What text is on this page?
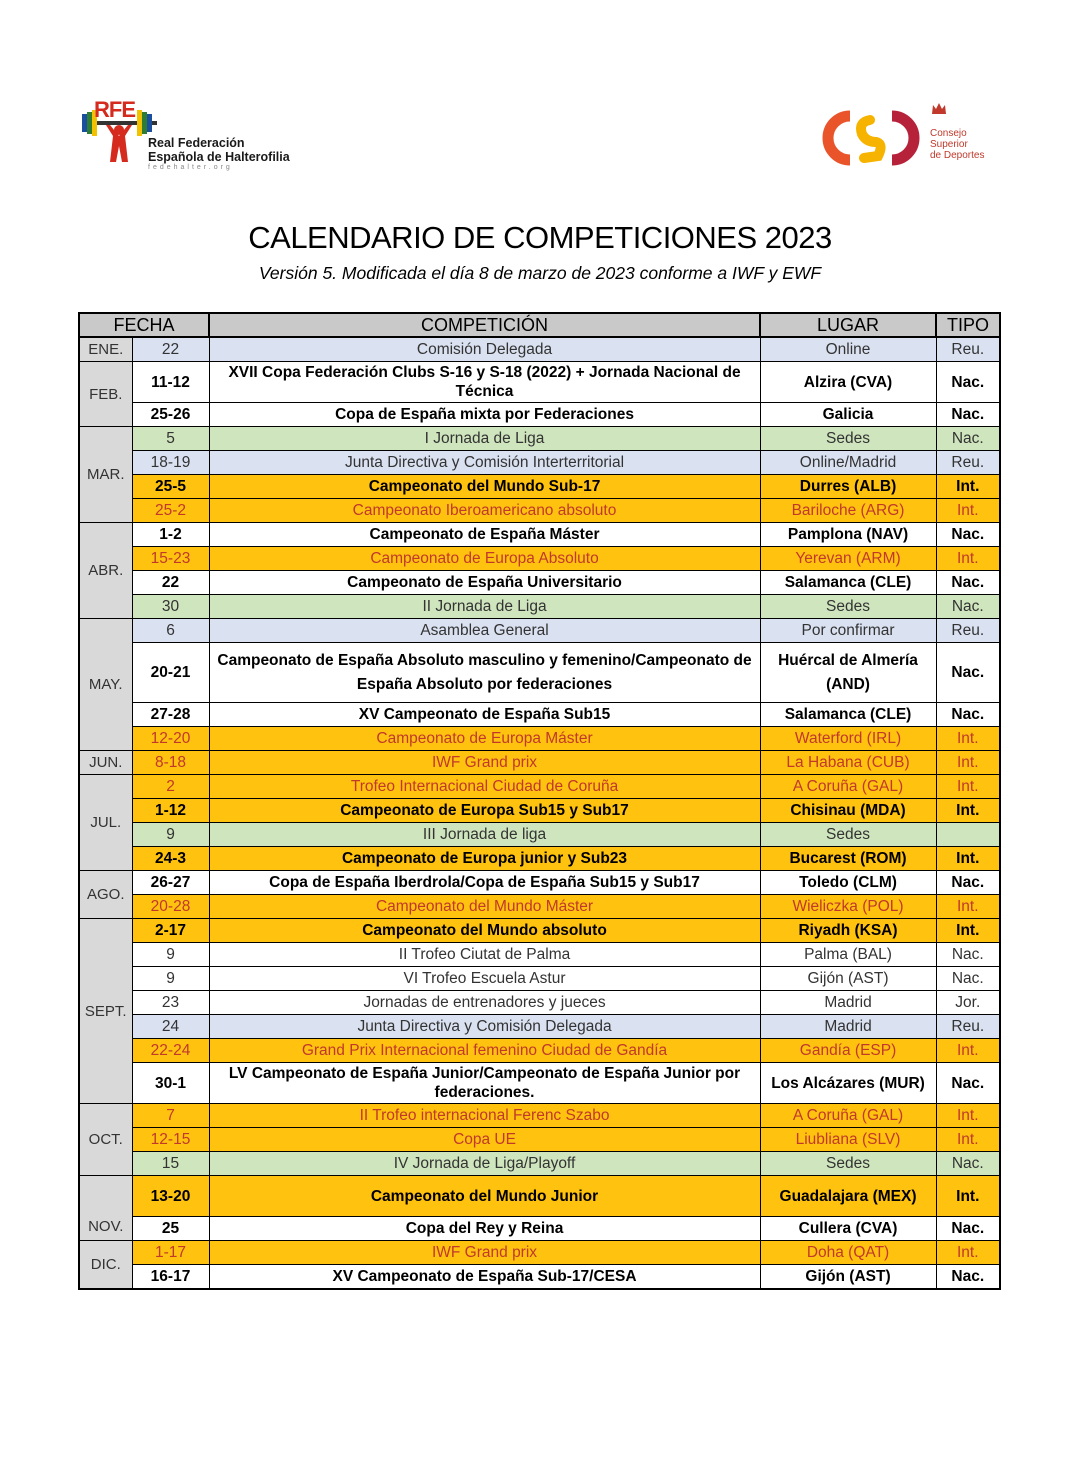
RFE
Real Federación
Española de Halterofilia
fedehalter.org
Consejo
Superior
de Deportes
CALENDARIO DE COMPETICIONES 2023
Versión 5. Modificada el día 8 de marzo de 2023 conforme a IWF y EWF
FECHA		COMPETICIÓN	LUGAR	TIPO
ENE.	22	Comisión Delegada	Online	Reu.
FEB.	11-12	XVII Copa Federación Clubs S-16 y S-18 (2022) + Jornada Nacional de Técnica	Alzira (CVA)	Nac.
	25-26	Copa de España mixta por Federaciones	Galicia	Nac.
MAR.	5	I Jornada de Liga	Sedes	Nac.
	18-19	Junta Directiva y Comisión Interterritorial	Online/Madrid	Reu.
	25-5	Campeonato del Mundo Sub-17	Durres (ALB)	Int.
	25-2	Campeonato Iberoamericano absoluto	Bariloche (ARG)	Int.
ABR.	1-2	Campeonato de España Máster	Pamplona (NAV)	Nac.
	15-23	Campeonato de Europa Absoluto	Yerevan (ARM)	Int.
	22	Campeonato de España Universitario	Salamanca (CLE)	Nac.
	30	II Jornada de Liga	Sedes	Nac.
MAY.	6	Asamblea General	Por confirmar	Reu.
	20-21	Campeonato de España Absoluto masculino y femenino/Campeonato de España Absoluto por federaciones	Huércal de Almería (AND)	Nac.
	27-28	XV Campeonato de España Sub15	Salamanca (CLE)	Nac.
	12-20	Campeonato de Europa Máster	Waterford (IRL)	Int.
JUN.	8-18	IWF Grand prix	La Habana (CUB)	Int.
JUL.	2	Trofeo Internacional Ciudad de Coruña	A Coruña (GAL)	Int.
	1-12	Campeonato de Europa Sub15 y Sub17	Chisinau (MDA)	Int.
	9	III Jornada de liga	Sedes	
	24-3	Campeonato de Europa junior y Sub23	Bucarest (ROM)	Int.
AGO.	26-27	Copa de España Iberdrola/Copa de España Sub15 y Sub17	Toledo (CLM)	Nac.
	20-28	Campeonato del Mundo Máster	Wieliczka (POL)	Int.
SEPT.	2-17	Campeonato del Mundo absoluto	Riyadh (KSA)	Int.
	9	II Trofeo Ciutat de Palma	Palma (BAL)	Nac.
	9	VI Trofeo Escuela Astur	Gijón (AST)	Nac.
	23	Jornadas de entrenadores y jueces	Madrid	Jor.
	24	Junta Directiva y Comisión Delegada	Madrid	Reu.
	22-24	Grand Prix Internacional femenino Ciudad de Gandía	Gandía (ESP)	Int.
	30-1	LV Campeonato de España Junior/Campeonato de España Junior por federaciones.	Los Alcázares (MUR)	Nac.
OCT.	7	II Trofeo internacional Ferenc Szabo	A Coruña (GAL)	Int.
	12-15	Copa UE	Liubliana (SLV)	Int.
	15	IV Jornada de Liga/Playoff	Sedes	Nac.
NOV.	13-20	Campeonato del Mundo Junior	Guadalajara (MEX)	Int.
	25	Copa del Rey y Reina	Cullera (CVA)	Nac.
DIC.	1-17	IWF Grand prix	Doha (QAT)	Int.
	16-17	XV Campeonato de España Sub-17/CESA	Gijón (AST)	Nac.
